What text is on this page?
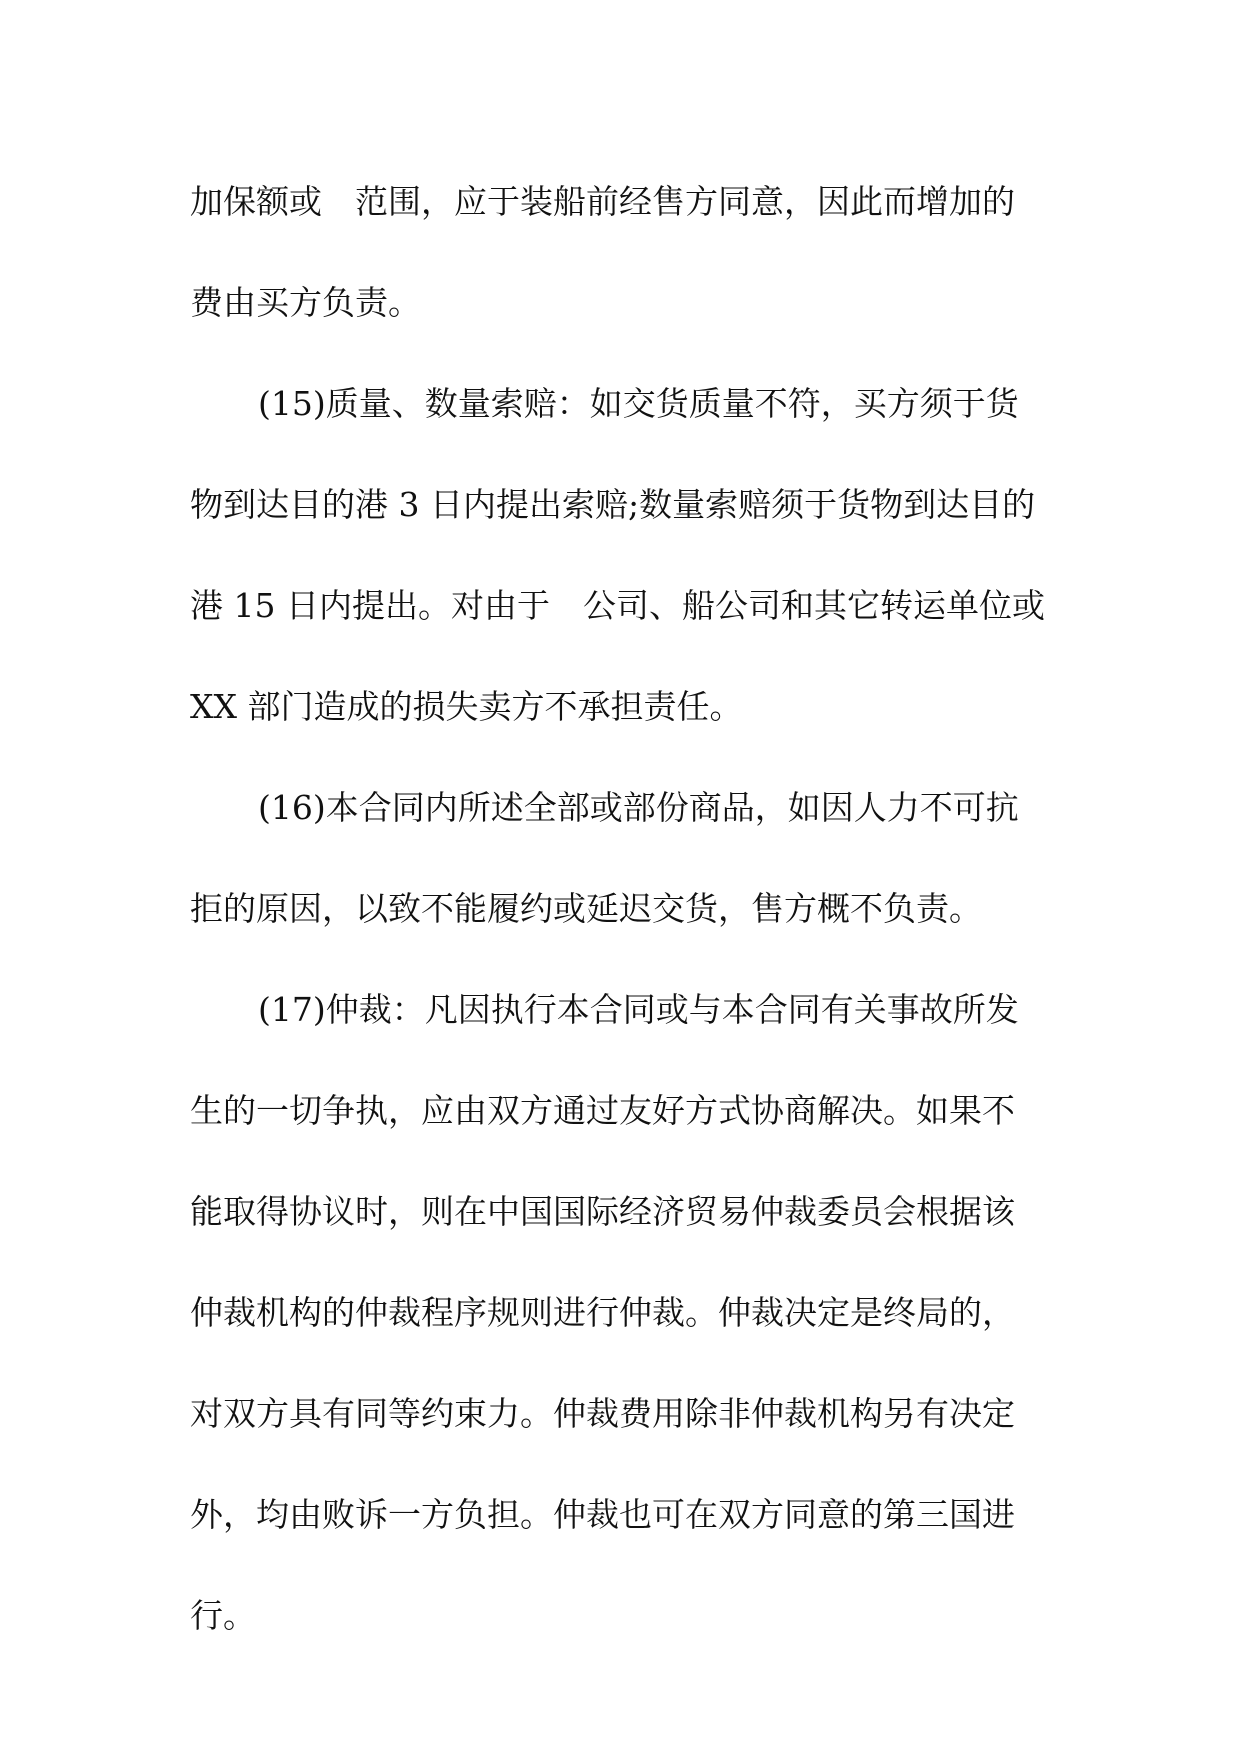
加保额或　范围，应于装船前经售方同意，因此而增加的
费由买方负责。
(15)质量、数量索赔：如交货质量不符，买方须于货
物到达目的港 3 日内提出索赔;数量索赔须于货物到达目的
港 15 日内提出。对由于　公司、船公司和其它转运单位或
XX 部门造成的损失卖方不承担责任。
(16)本合同内所述全部或部份商品，如因人力不可抗
拒的原因，以致不能履约或延迟交货，售方概不负责。
(17)仲裁：凡因执行本合同或与本合同有关事故所发
生的一切争执，应由双方通过友好方式协商解决。如果不
能取得协议时，则在中国国际经济贸易仲裁委员会根据该
仲裁机构的仲裁程序规则进行仲裁。仲裁决定是终局的，
对双方具有同等约束力。仲裁费用除非仲裁机构另有决定
外，均由败诉一方负担。仲裁也可在双方同意的第三国进
行。
